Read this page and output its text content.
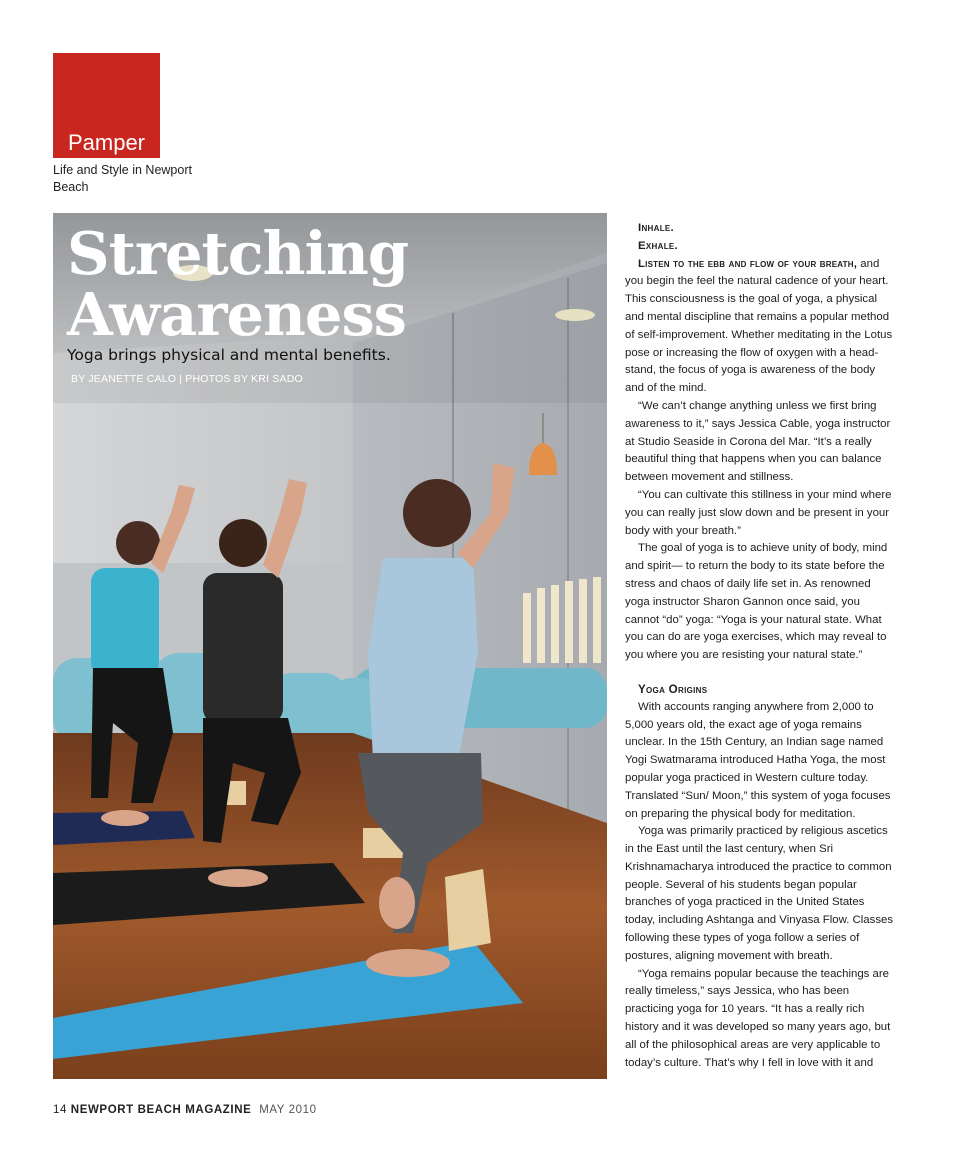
Pamper
Life and Style in Newport Beach
Stretching
Awareness
Yoga brings physical and mental benefits.
BY JEANETTE CALO | PHOTOS BY KRI SADO

Inhale.

Exhale.

Listen to the ebb and flow of your breath, and you begin the feel the natural cadence of your heart. This consciousness is the goal of yoga, a physical and mental discipline that remains a popular method of self-improvement. Whether meditating in the Lotus pose or increasing the flow of oxygen with a head-stand, the focus of yoga is awareness of the body and of the mind.

“We can’t change anything unless we first bring awareness to it,” says Jessica Cable, yoga instructor at Studio Seaside in Corona del Mar. “It’s a really beautiful thing that happens when you can balance between movement and stillness.

“You can cultivate this stillness in your mind where you can really just slow down and be present in your body with your breath.”

The goal of yoga is to achieve unity of body, mind and spirit— to return the body to its state before the stress and chaos of daily life set in. As renowned yoga instructor Sharon Gannon once said, you cannot “do” yoga: “Yoga is your natural state. What you can do are yoga exercises, which may reveal to you where you are resisting your natural state.”

Yoga Origins

With accounts ranging anywhere from 2,000 to 5,000 years old, the exact age of yoga remains unclear. In the 15th Century, an Indian sage named Yogi Swatmarama introduced Hatha Yoga, the most popular yoga practiced in Western culture today. Translated “Sun/ Moon,” this system of yoga focuses on preparing the physical body for meditation.

Yoga was primarily practiced by religious ascetics in the East until the last century, when Sri Krishnamacharya introduced the practice to common people. Several of his students began popular branches of yoga practiced in the United States today, including Ashtanga and Vinyasa Flow. Classes following these types of yoga follow a series of postures, aligning movement with breath.

“Yoga remains popular because the teachings are really timeless,” says Jessica, who has been practicing yoga for 10 years. “It has a really rich history and it was developed so many years ago, but all of the philosophical areas are very applicable to today’s culture. That’s why I fell in love with it and

14 NEWPORT BEACH MAGAZINE MAY 2010
